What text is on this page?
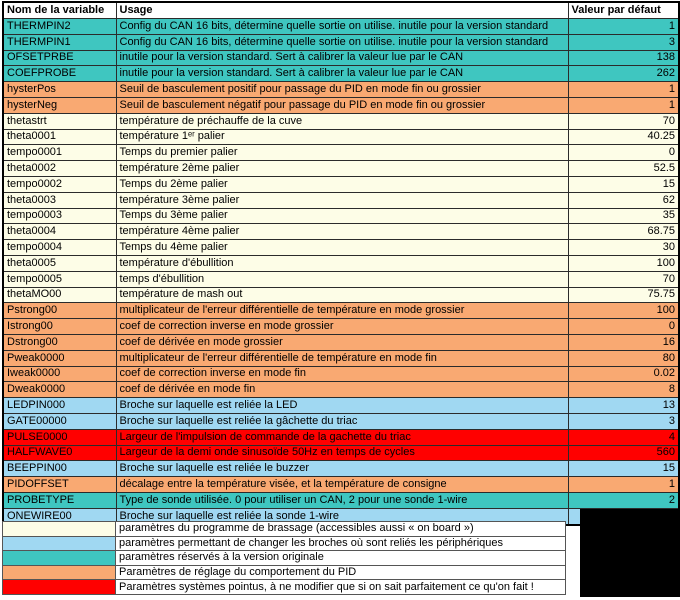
Nom de la variable	Usage	Valeur par défaut
THERMPIN2	Config du CAN 16 bits, détermine quelle sortie on utilise. inutile pour la version standard	1
THERMPIN1	Config du CAN 16 bits, détermine quelle sortie on utilise. inutile pour la version standard	3
OFSETPRBE	inutile pour la version standard. Sert à calibrer la valeur lue par le CAN	138
COEFPROBE	inutile pour la version standard. Sert à calibrer la valeur lue par le CAN	262
hysterPos	Seuil de basculement positif pour passage du PID en mode fin ou grossier	1
hysterNeg	Seuil de basculement négatif pour passage du PID en mode fin ou grossier	1
thetastrt	température de préchauffe de la cuve	70
theta0001	température 1ᵉʳ palier	40.25
tempo0001	Temps du premier palier	0
theta0002	température 2ème palier	52.5
tempo0002	Temps du 2ème palier	15
theta0003	température 3ème palier	62
tempo0003	Temps du 3ème palier	35
theta0004	température 4ème palier	68.75
tempo0004	Temps du 4ème palier	30
theta0005	température d'ébullition	100
tempo0005	temps d'ébullition	70
thetaMO00	température de mash out	75.75
Pstrong00	multiplicateur de l'erreur différentielle de température en mode grossier	100
Istrong00	coef de correction inverse en mode grossier	0
Dstrong00	coef de dérivée en mode grossier	16
Pweak0000	multiplicateur de l'erreur différentielle de température en mode fin	80
Iweak0000	coef de correction inverse en mode fin	0.02
Dweak0000	coef de dérivée en mode fin	8
LEDPIN000	Broche sur laquelle est reliée la LED	13
GATE00000	Broche sur laquelle est reliée la gâchette du triac	3
PULSE0000	Largeur de l'impulsion de commande de la gachette du triac	4
HALFWAVE0	Largeur de la demi onde sinusoïde 50Hz en temps de cycles	560
BEEPPIN00	Broche sur laquelle est reliée le buzzer	15
PIDOFFSET	décalage entre la température visée, et la température de consigne	1
PROBETYPE	Type de sonde utilisée. 0 pour utiliser un CAN, 2 pour une sonde 1-wire	2
ONEWIRE00	Broche sur laquelle est reliée la sonde 1-wire	
	paramètres du programme de brassage (accessibles aussi « on board »)
	paramètres permettant de changer les broches où sont reliés les périphériques
	paramètres réservés à la version originale
	Paramètres de réglage du comportement du PID
	Paramètres systèmes pointus, à ne modifier que si on sait parfaitement ce qu'on fait !
